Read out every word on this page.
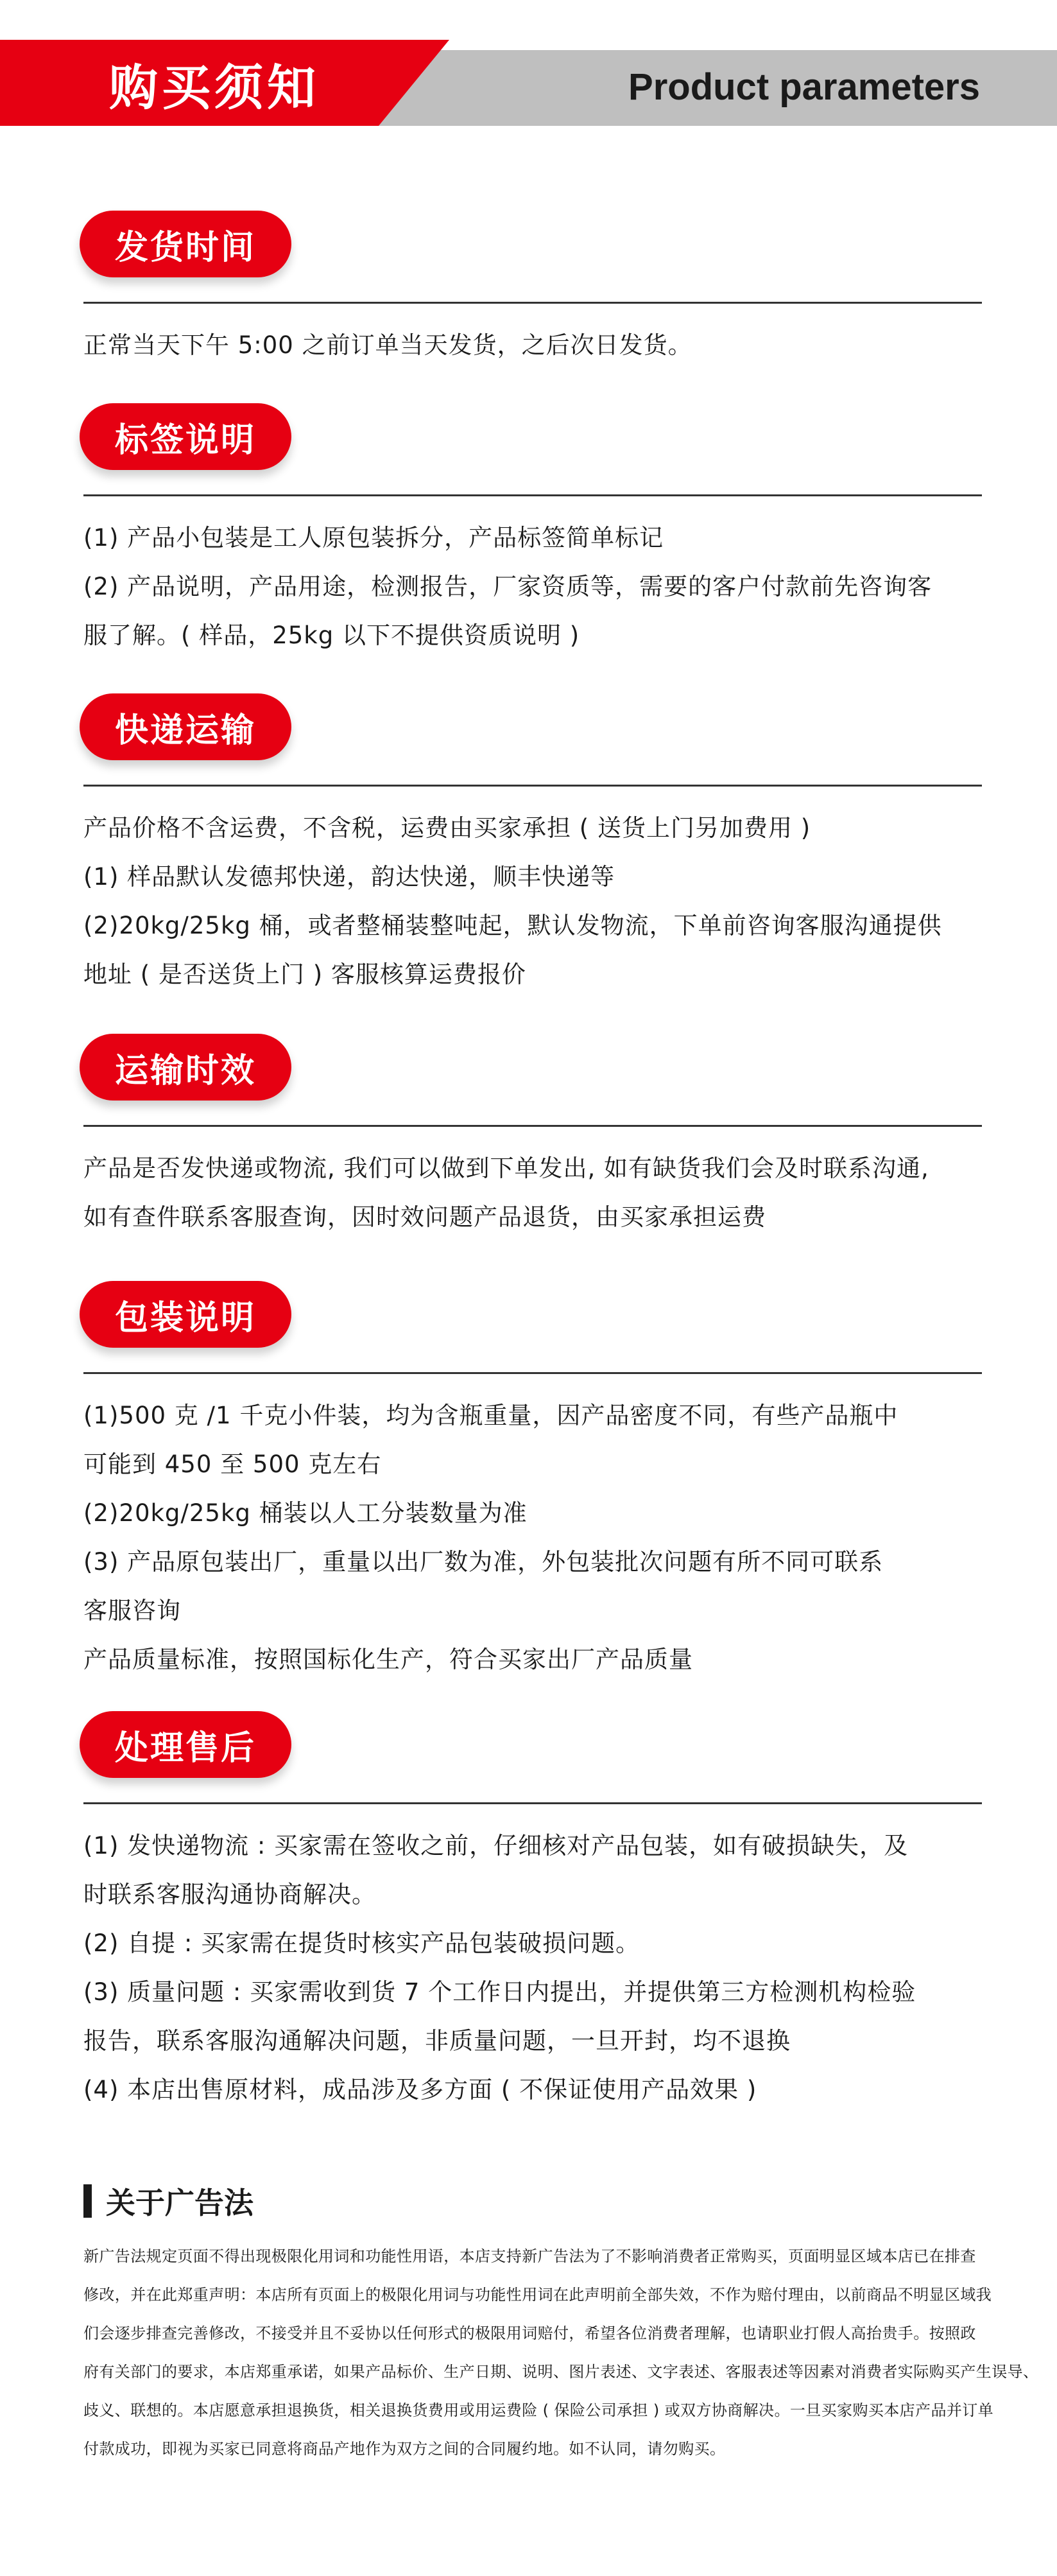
购买须知	Product parameters
发货时间
正常当天下午 5:00 之前订单当天发货，之后次日发货。
标签说明
(1) 产品小包装是工人原包装拆分，产品标签简单标记
(2) 产品说明，产品用途，检测报告，厂家资质等，需要的客户付款前先咨询客
服了解。( 样品，25kg 以下不提供资质说明 )
快递运输
产品价格不含运费，不含税，运费由买家承担 ( 送货上门另加费用 )
(1) 样品默认发德邦快递，韵达快递，顺丰快递等
(2)20kg/25kg 桶，或者整桶装整吨起，默认发物流，下单前咨询客服沟通提供
地址 ( 是否送货上门 ) 客服核算运费报价
运输时效
产品是否发快递或物流, 我们可以做到下单发出, 如有缺货我们会及时联系沟通,
如有查件联系客服查询，因时效问题产品退货，由买家承担运费
包装说明
(1)500 克 /1 千克小件装，均为含瓶重量，因产品密度不同，有些产品瓶中
可能到 450 至 500 克左右
(2)20kg/25kg 桶装以人工分装数量为准
(3) 产品原包装出厂，重量以出厂数为准，外包装批次问题有所不同可联系
客服咨询
产品质量标准，按照国标化生产，符合买家出厂产品质量
处理售后
(1) 发快递物流 : 买家需在签收之前，仔细核对产品包装，如有破损缺失，及
时联系客服沟通协商解决。
(2) 自提 : 买家需在提货时核实产品包装破损问题。
(3) 质量问题 : 买家需收到货 7 个工作日内提出，并提供第三方检测机构检验
报告，联系客服沟通解决问题，非质量问题，一旦开封，均不退换
(4) 本店出售原材料，成品涉及多方面 ( 不保证使用产品效果 )
关于广告法
新广告法规定页面不得出现极限化用词和功能性用语，本店支持新广告法为了不影响消费者正常购买，页面明显区域本店已在排查
修改，并在此郑重声明：本店所有页面上的极限化用词与功能性用词在此声明前全部失效，不作为赔付理由，以前商品不明显区域我
们会逐步排查完善修改，不接受并且不妥协以任何形式的极限用词赔付，希望各位消费者理解，也请职业打假人高抬贵手。按照政
府有关部门的要求，本店郑重承诺，如果产品标价、生产日期、说明、图片表述、文字表述、客服表述等因素对消费者实际购买产生误导、
歧义、联想的。本店愿意承担退换货，相关退换货费用或用运费险 ( 保险公司承担 ) 或双方协商解决。一旦买家购买本店产品并订单
付款成功，即视为买家已同意将商品产地作为双方之间的合同履约地。如不认同，请勿购买。
